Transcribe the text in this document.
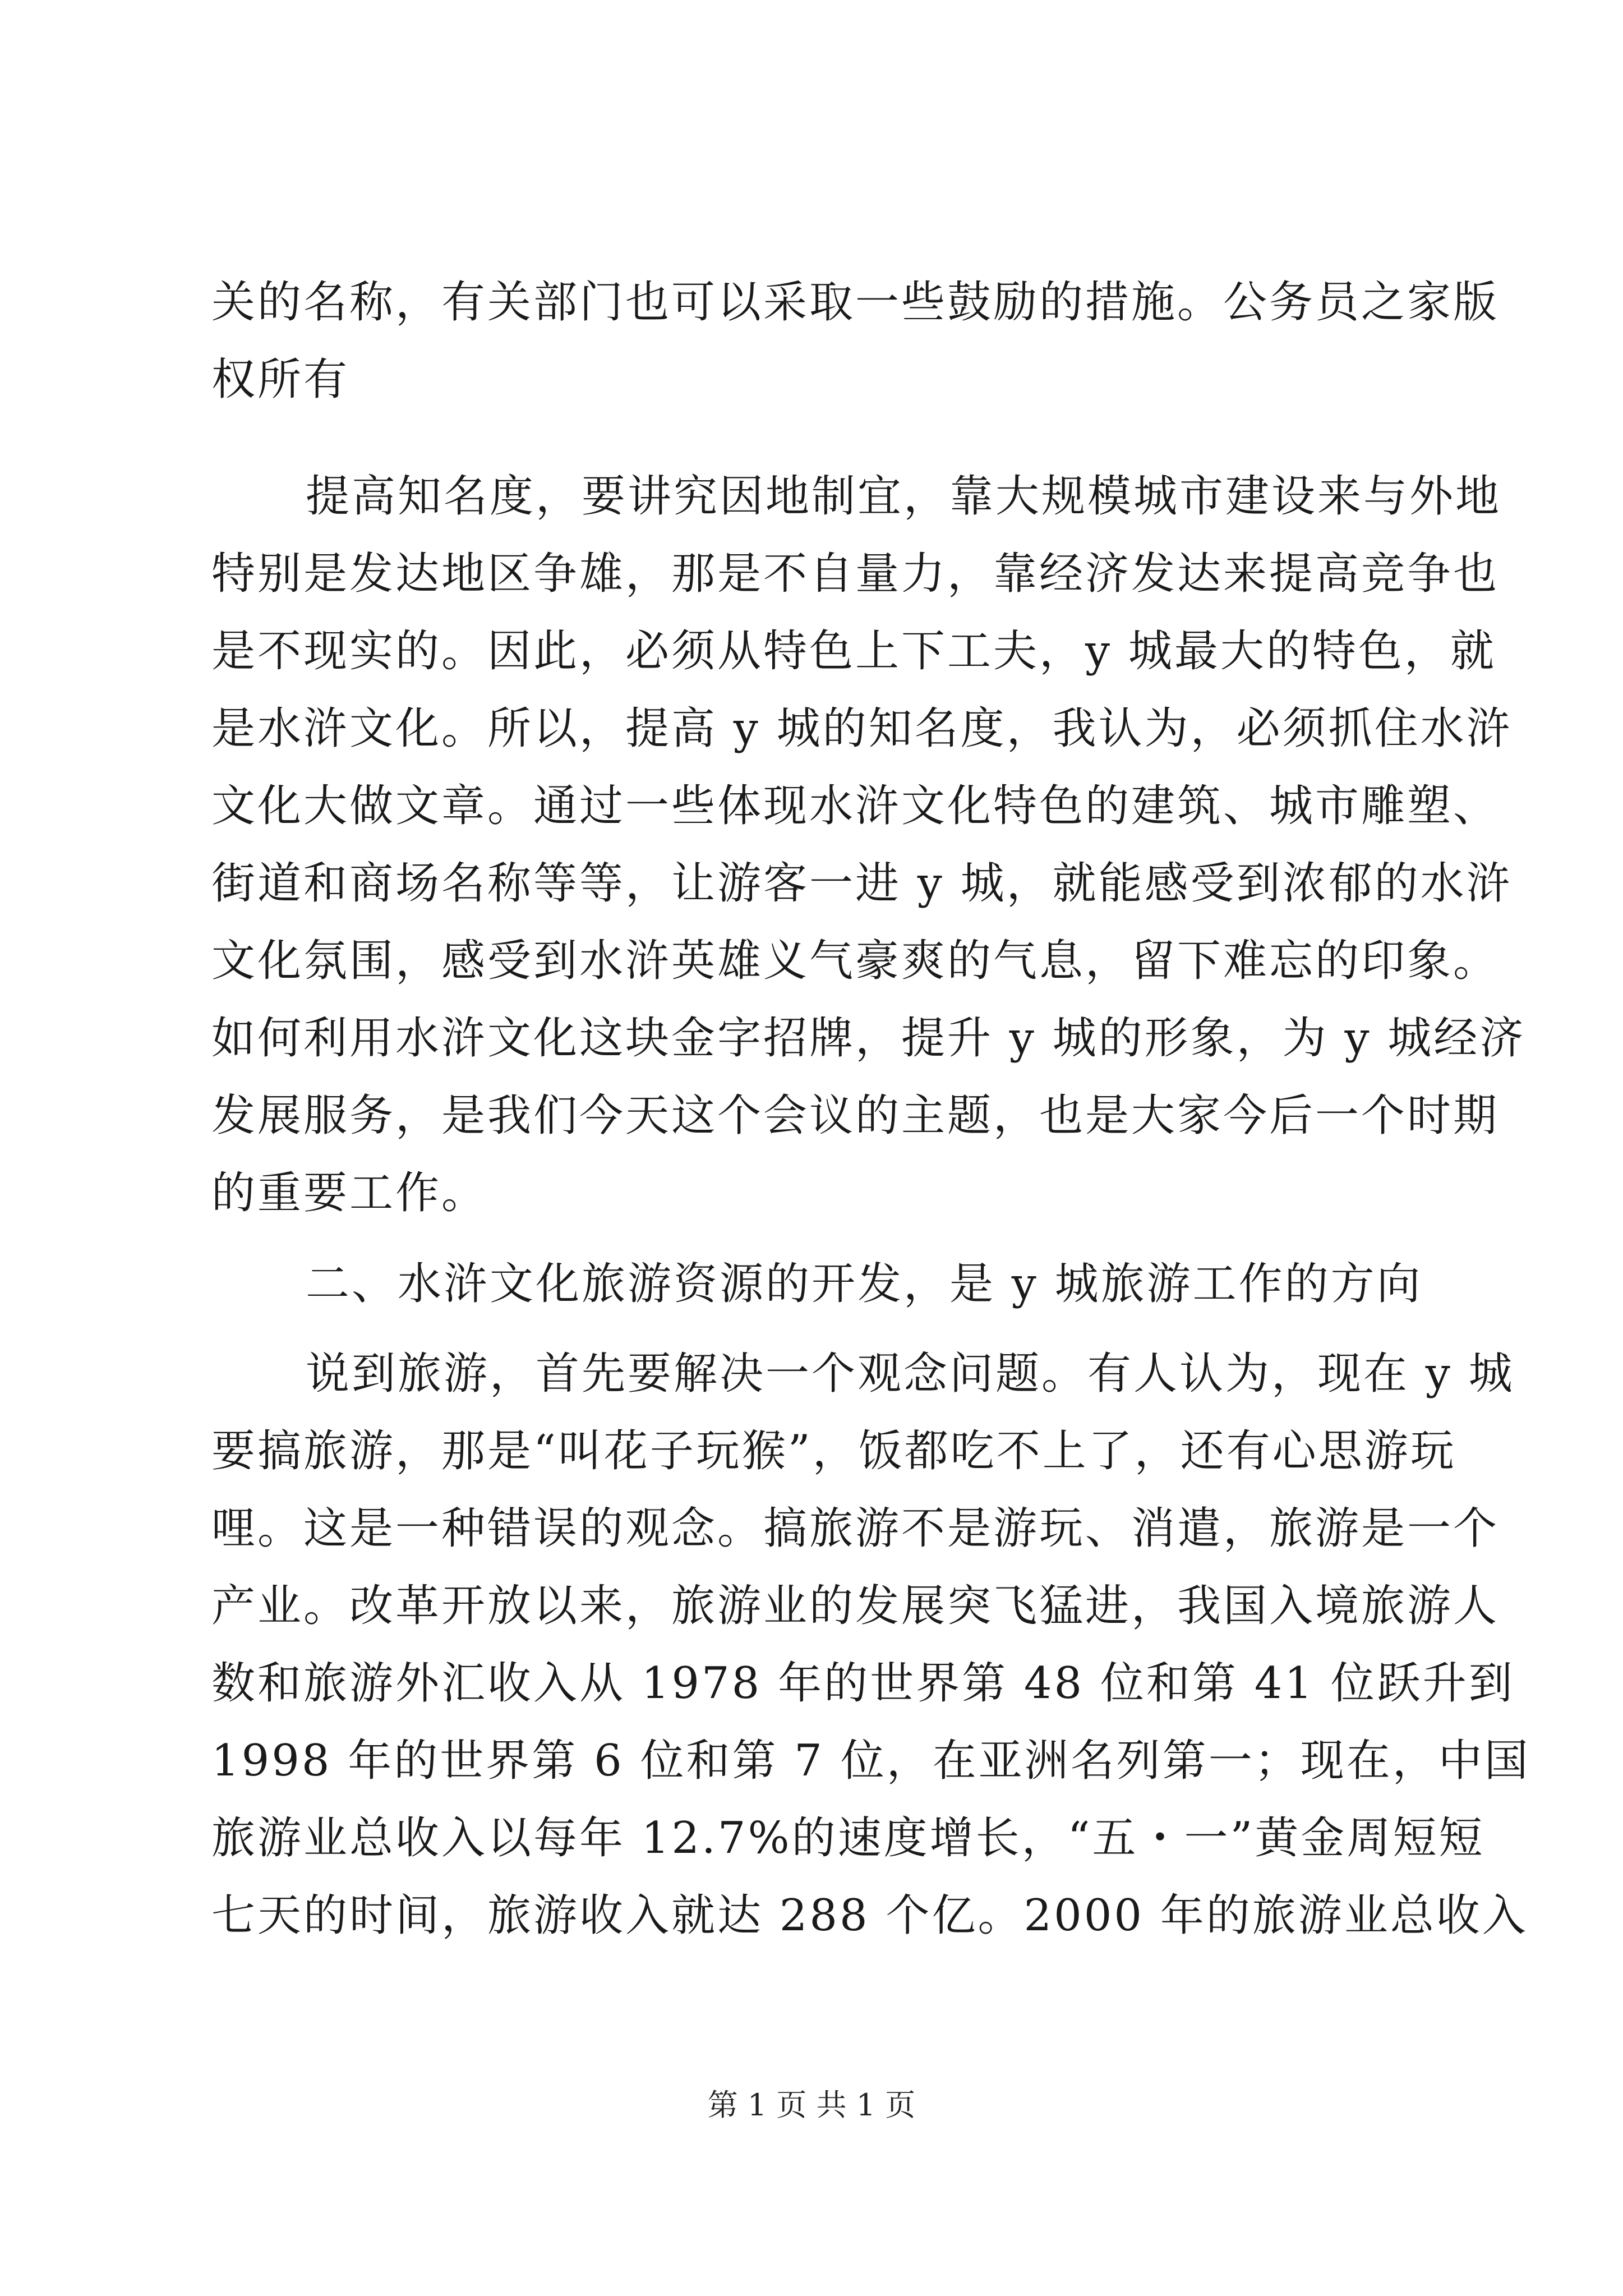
关的名称，有关部门也可以采取一些鼓励的措施。公务员之家版
权所有
提高知名度，要讲究因地制宜，靠大规模城市建设来与外地
特别是发达地区争雄，那是不自量力，靠经济发达来提高竞争也
是不现实的。因此，必须从特色上下工夫，y 城最大的特色，就
是水浒文化。所以，提高 y 城的知名度，我认为，必须抓住水浒
文化大做文章。通过一些体现水浒文化特色的建筑、城市雕塑、
街道和商场名称等等，让游客一进 y 城，就能感受到浓郁的水浒
文化氛围，感受到水浒英雄义气豪爽的气息，留下难忘的印象。
如何利用水浒文化这块金字招牌，提升 y 城的形象，为 y 城经济
发展服务，是我们今天这个会议的主题，也是大家今后一个时期
的重要工作。
二、水浒文化旅游资源的开发，是 y 城旅游工作的方向
说到旅游，首先要解决一个观念问题。有人认为，现在 y 城
要搞旅游，那是“叫花子玩猴”，饭都吃不上了，还有心思游玩
哩。这是一种错误的观念。搞旅游不是游玩、消遣，旅游是一个
产业。改革开放以来，旅游业的发展突飞猛进，我国入境旅游人
数和旅游外汇收入从 1978 年的世界第 48 位和第 41 位跃升到
1998 年的世界第 6 位和第 7 位，在亚洲名列第一；现在，中国
旅游业总收入以每年 12.7%的速度增长，“五・一”黄金周短短
七天的时间，旅游收入就达 288 个亿。2000 年的旅游业总收入
第 1 页 共 1 页
